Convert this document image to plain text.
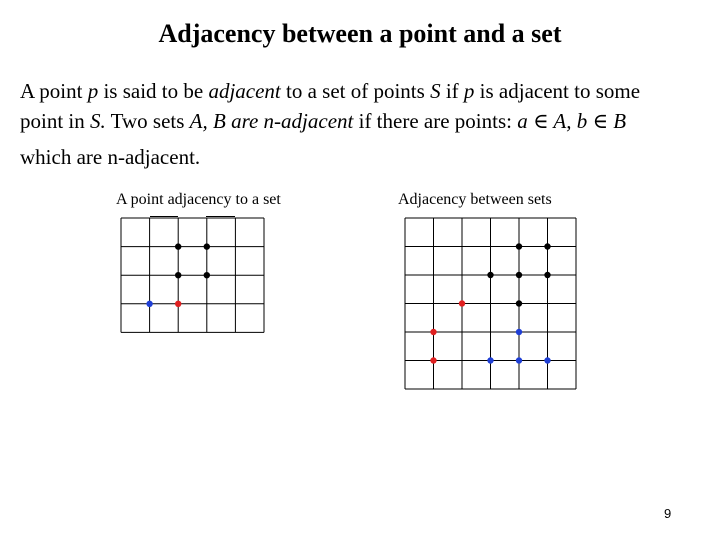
Adjacency between a point and a set
A point p is said to be adjacent to a set of points S if p is adjacent to some
point in S. Two sets A, B are n-adjacent if there are points: a ∈ A, b ∈ B
which are n-adjacent.
A point adjacency to a set	Adjacency between sets
9
